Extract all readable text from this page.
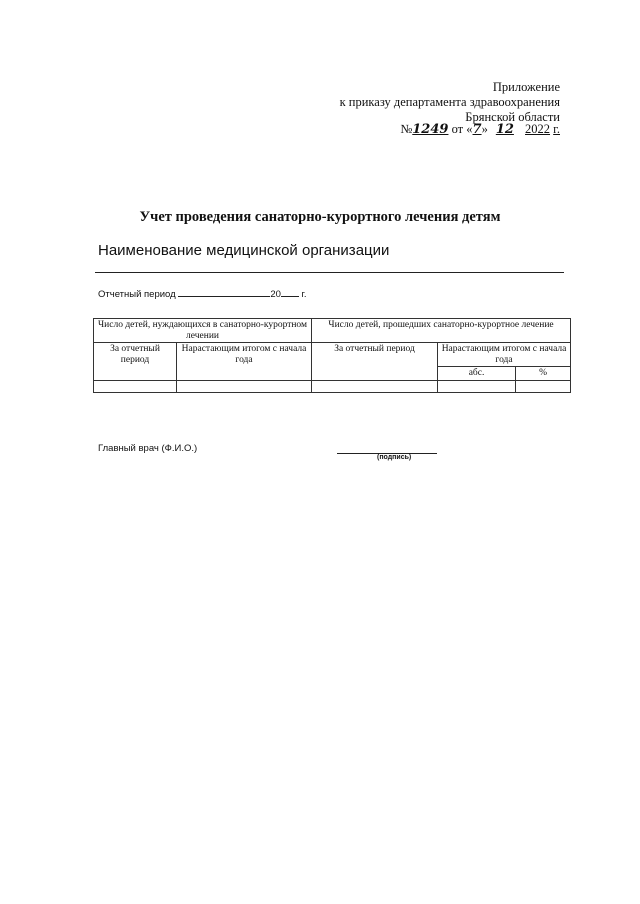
Приложение
к приказу департамента здравоохранения
Брянской области
№1249 от «7» 12 2022 г.
Учет проведения санаторно-курортного лечения детям
Наименование медицинской организации
Отчетный период	20 г.
Число детей, нуждающихся в санаторно-курортном лечении		Число детей, прошедших санаторно-курортное лечение		
За отчетный период	Нарастающим итогом с начала года	За отчетный период	Нарастающим итогом с начала года	
			абс.	%

Главный врач (Ф.И.О.)
(подпись)
